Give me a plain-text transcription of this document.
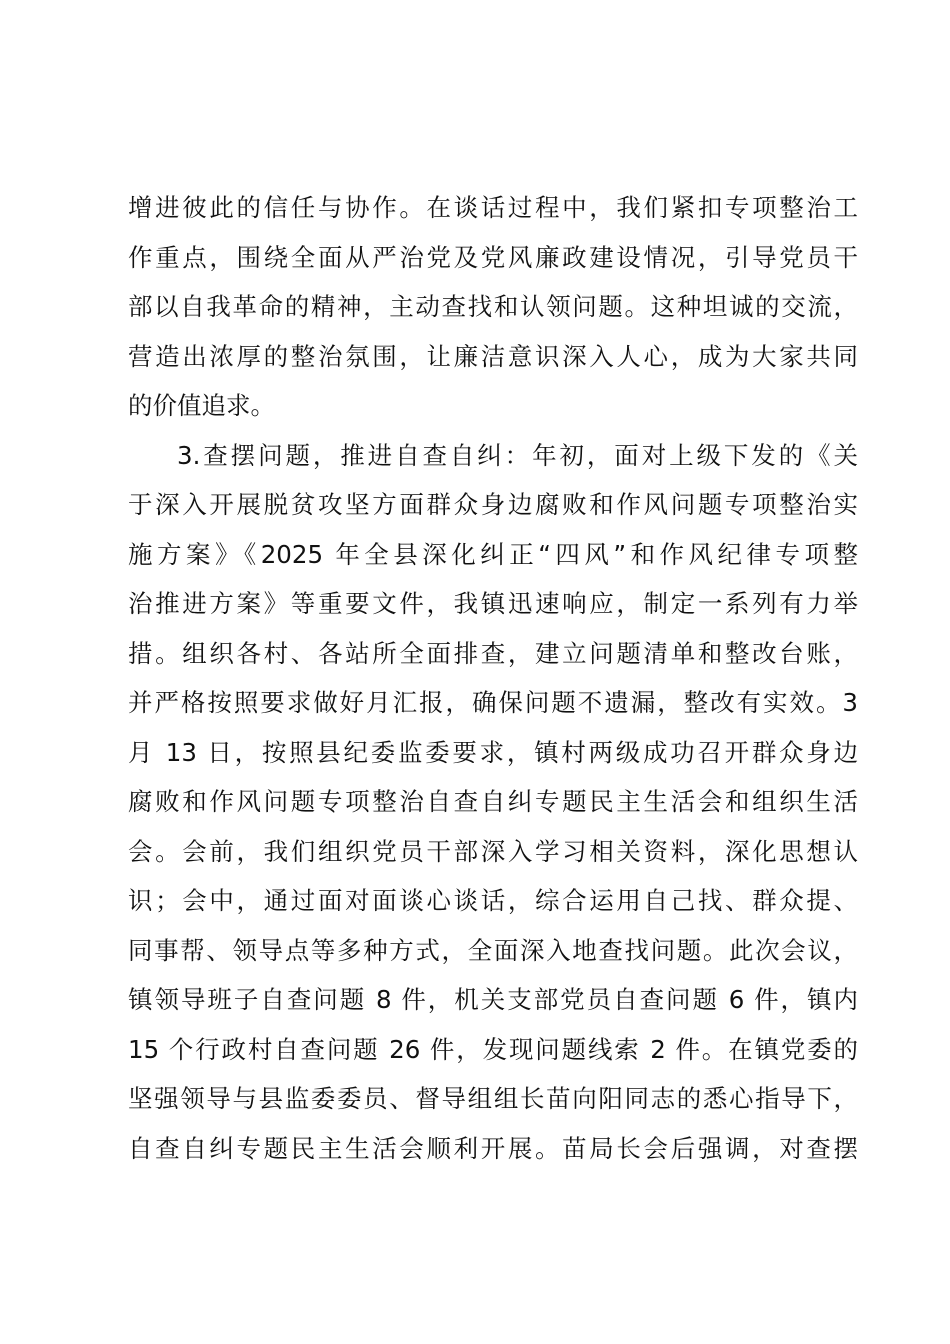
增进彼此的信任与协作。在谈话过程中，我们紧扣专项整治工
作重点，围绕全面从严治党及党风廉政建设情况，引导党员干
部以自我革命的精神，主动查找和认领问题。这种坦诚的交流，
营造出浓厚的整治氛围，让廉洁意识深入人心，成为大家共同
的价值追求。
3.查摆问题，推进自查自纠：年初，面对上级下发的《关
于深入开展脱贫攻坚方面群众身边腐败和作风问题专项整治实
施方案》《2025 年全县深化纠正“四风”和作风纪律专项整
治推进方案》等重要文件，我镇迅速响应，制定一系列有力举
措。组织各村、各站所全面排查，建立问题清单和整改台账，
并严格按照要求做好月汇报，确保问题不遗漏，整改有实效。3
月 13 日，按照县纪委监委要求，镇村两级成功召开群众身边
腐败和作风问题专项整治自查自纠专题民主生活会和组织生活
会。会前，我们组织党员干部深入学习相关资料，深化思想认
识；会中，通过面对面谈心谈话，综合运用自己找、群众提、
同事帮、领导点等多种方式，全面深入地查找问题。此次会议，
镇领导班子自查问题 8 件，机关支部党员自查问题 6 件，镇内
15 个行政村自查问题 26 件，发现问题线索 2 件。在镇党委的
坚强领导与县监委委员、督导组组长苗向阳同志的悉心指导下，
自查自纠专题民主生活会顺利开展。苗局长会后强调，对查摆
